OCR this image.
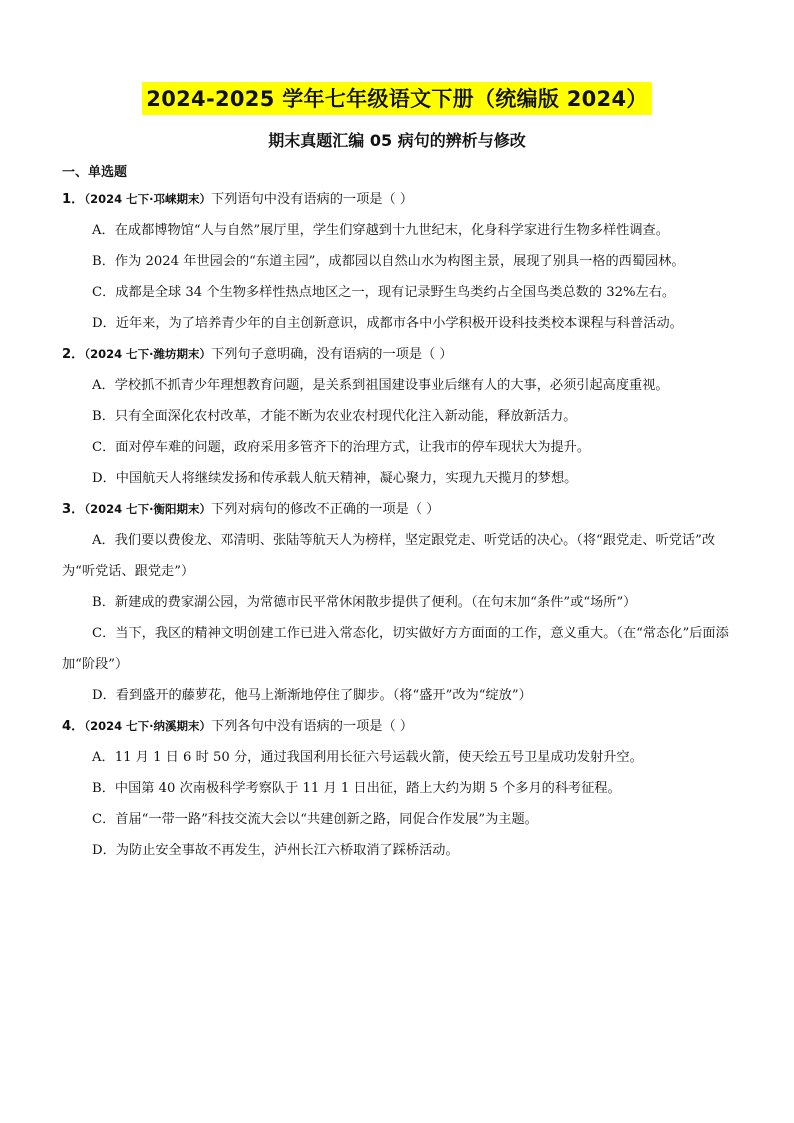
2024-2025 学年七年级语文下册（统编版 2024）
期末真题汇编 05 病句的辨析与修改
一、单选题
1．（2024 七下·邛崃期末）下列语句中没有语病的一项是（ ）
A．在成都博物馆“人与自然”展厅里，学生们穿越到十九世纪末，化身科学家进行生物多样性调查。
B．作为 2024 年世园会的“东道主园”，成都园以自然山水为构图主景，展现了别具一格的西蜀园林。
C．成都是全球 34 个生物多样性热点地区之一，现有记录野生鸟类约占全国鸟类总数的 32%左右。
D．近年来，为了培养青少年的自主创新意识，成都市各中小学积极开设科技类校本课程与科普活动。
2．（2024 七下·潍坊期末）下列句子意明确，没有语病的一项是（ ）
A．学校抓不抓青少年理想教育问题，是关系到祖国建设事业后继有人的大事，必须引起高度重视。
B．只有全面深化农村改革，才能不断为农业农村现代化注入新动能，释放新活力。
C．面对停车难的问题，政府采用多管齐下的治理方式，让我市的停车现状大为提升。
D．中国航天人将继续发扬和传承载人航天精神，凝心聚力，实现九天揽月的梦想。
3．（2024 七下·衡阳期末）下列对病句的修改不正确的一项是（ ）
A．我们要以费俊龙、邓清明、张陆等航天人为榜样，坚定跟党走、听党话的决心。（将“跟党走、听党话”改为“听党话、跟党走”）
B．新建成的费家湖公园，为常德市民平常休闲散步提供了便利。（在句末加“条件”或“场所”）
C．当下，我区的精神文明创建工作已进入常态化，切实做好方方面面的工作，意义重大。（在“常态化”后面添加“阶段”）
D．看到盛开的藤萝花，他马上渐渐地停住了脚步。（将“盛开”改为“绽放”）
4．（2024 七下·纳溪期末）下列各句中没有语病的一项是（ ）
A．11 月 1 日 6 时 50 分，通过我国利用长征六号运载火箭，使天绘五号卫星成功发射升空。
B．中国第 40 次南极科学考察队于 11 月 1 日出征，踏上大约为期 5 个多月的科考征程。
C．首届“一带一路”科技交流大会以“共建创新之路，同促合作发展”为主题。
D．为防止安全事故不再发生，泸州长江六桥取消了踩桥活动。
